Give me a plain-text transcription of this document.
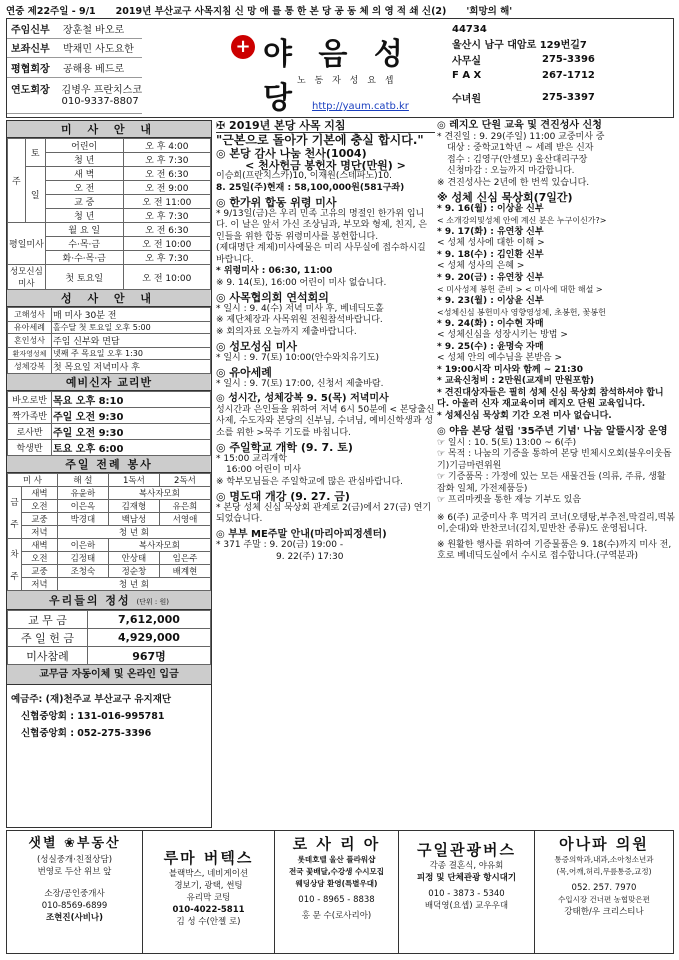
연중 제22주일 - 9/1 2019년 부산교구 사목지침 신 망 애 를 통 한 본 당 공 동 체 의 영 적 쇄 신(2) '희망의 해'
주임신부	장훈철 바오로
보좌신부	박채민 사도요한
평협회장	공해용 베드로
연도회장	김병우 프란치스코
010-9337-8807
+ 야 음 성 당
노 동 자 성 요 셉
http://yaum.catb.kr
44734
울산시 남구 대암로 129번길7
사무실	275-3396
F A X	267-1712
수녀원	275-3397
미 사 안 내
주	토	어린이	오 후 4:00
		청 년	오 후 7:30
	일	새 벽	오 전 6:30
		오 전	오 전 9:00
		교 중	오 전 11:00
		청 년	오 후 7:30
평일미사		월 요 일	오 전 6:30
		수·목·금	오 전 10:00
		화·수·목·금	오 후 7:30
성모신심미사		첫 토요일	오 전 10:00
성 사 안 내
고해성사	매 미사 30분 전
유아세례	홀수달 첫 토요일 오후 5:00
혼인성사	주임 신부와 면담
환자영성체	넷째 주 목요일 오후 1:30
성체강복	첫 목요일 저녁미사 후
예비신자 교리반
바오로반	목요 오후 8:10
짝가족반	주일 오전 9:30
로사반	주일 오전 9:30
학생반	토요 오후 6:00
주일 전례 봉사
미 사		해 설	1독서	2독서
금

주	새벽	유윤하	복사자모회	
	오전	이은옥	김재형	유은희
	교중	박경대	백남성	서영애
	저녁	청 년 회		
차

주	새벽	이은하	복사자모회	
	오전	김정태	안상태	임은주
	교중	조청숙	정순창	배계현
	저녁	청 년 회		
우리들의 정성 (단위 : 원)
교 무 금	7,612,000
주 일 헌 금	4,929,000
미사참례	967명
교무금 자동이체 및 온라인 입금
예금주: (재)천주교 부산교구 유지재단
신협중앙회 : 131-016-995781
신협중앙회 : 052-275-3396
✠ 2019년 본당 사목 지침
"근본으로 돌아가 기본에 충실 합시다."
◎ 본당 감사 나눔 천사(1004)
< 천사헌금 봉헌자 명단(만원) >
이승희(프란치스카)10, 이재원(스테파노)10.
8. 25일(주)현재 : 58,100,000원(581구좌)
◎ 한가위 합동 위령 미사
* 9/13일(금)은 우리 민족 고유의 명절인 한가위 입니다. 이 날은 앞서 가신 조상님과, 부모와 형제, 친지, 은인들을 위한 합동 위령미사를 봉헌합니다.
(제대명단 계제)미사예물은 미리 사무실에 접수하시길 바랍니다.
* 위령미사 : 06:30, 11:00
※ 9. 14(토), 16:00 어린이 미사 없습니다.
◎ 사목협의회 연석회의
* 일시 : 9. 4(수) 저녁 미사 후, 베네딕도홀
※ 제단체장과 사목위원 전원참석바랍니다.
※ 회의자료 오늘까지 제출바랍니다.
◎ 성모성심 미사
* 일시 : 9. 7(토) 10:00(안수와치유기도)
◎ 유아세례
* 일시 : 9. 7(토) 17:00, 신청서 제출바람.
◎ 성시간, 성체강복 9. 5(목) 저녁미사
성시간과 은인들을 위하여 저녁 6시 50분에 < 본당출신 사제, 수도자와 본당의 신부님, 수녀님, 예비신학생과 성소를 위한 >묵주 기도를 바칩니다.
◎ 주일학교 개학 (9. 7. 토)
* 15:00 교리개학
16:00 어린이 미사
※ 학부모님들은 주일학교에 많은 관심바랍니다.
◎ 명도대 개강 (9. 27. 금)
* 본당 성체 신심 묵상회 관계로 2(금)에서 27(금) 연기되었습니다.
◎ 부부 ME주말 안내(마리아피정센터)
* 371 주말 : 9. 20(금) 19:00 -
9. 22(주) 17:30
◎ 레지오 단원 교육 및 견진성사 신청
* 견진일 : 9. 29(주일) 11:00 교중미사 중
대상 : 중학교1학년 ~ 세례 받은 신자
접수 : 김영구(안셀모) 울산대리구장
신청마감 : 오늘까지 마감합니다.
※ 견진성사는 2년에 한 번씩 있습니다.
※ 성체 신심 묵상회(7일간)
* 9. 16(월) : 이상윤 신부
< 소개강의및성체 안에 계신 분은 누구이신가?>
* 9. 17(화) : 유연창 신부
< 성체 성사에 대한 이해 >
* 9. 18(수) : 김인환 신부
< 성체 성사의 은혜 >
* 9. 20(금) : 유연창 신부
< 미사성제 봉헌 준비 > < 미사에 대한 해설 >
* 9. 23(월) : 이상윤 신부
<성체신심 봉헌미사 영향영성체, 초봉헌, 꽃봉헌
* 9. 24(화) : 이수현 자매
< 성체신심을 성장시키는 방법 >
* 9. 25(수) : 윤명숙 자매
< 성체 안의 예수님을 본받음 >
* 19:00시작 미사와 함께 ~ 21:30
* 교육신청비 : 2만원(교재비 만원포함)
* 견진대상자들은 필히 성체 신심 묵상회 참석하셔야 합니다. 아울러 신자 재교육이며 레지오 단원 교육입니다.
* 성체신심 묵상회 기간 오전 미사 없습니다.
◎ 야음 본당 설립 '35주년 기념' 나눔 알뜰시장 운영
☞ 일시 : 10. 5(토) 13:00 ~ 6(주)
☞ 목적 : 나눔의 기증을 통하여 본당 빈체시오회(불우이웃돕기)기금마련위원
☞ 기증품목 : 가정에 있는 모든 새물건들 (의류, 주류, 생활 잡화 일체, 가전제품등)
☞ 프리마켓을 통한 재능 기부도 있음
※ 6(주) 교중미사 후 먹거리 코너(오뎅탕,부추전,막걸리,떡볶이,순대)와 반찬코너(김치,밑반찬 종류)도 운영됩니다.
※ 원활한 행사를 위하여 기증물품은 9. 18(수)까지 미사 전, 호로 베네딕도실에서 수시로 접수합니다.(구역분과)
샛별 ❀부동산
(성실중개·친절상담)
번영로 두산 위브 앞
소장/공인중개사
010-8569-6899
조현진(사비나)
루마 버텍스
블랙박스, 네비게이션
경보기, 광택, 썬팅
유리막 코팅
010-4022-5811
김 성 수(안젤 로)
로 사 리 아
롯데호텔 울산 플라워샵
전국 꽃배달,수강생 수시모집
웨딩상담 환영(특별우대)
010 - 8965 - 8838
홍 문 수(로사리아)
구일관광버스
각종 결혼식, 야유회
피정 및 단체관광 항시대기
010 - 3873 - 5340
배덕영(요셉) 교우우대
아나파 의원
통증의학과,내과,소아청소년과
(목,어깨,허리,무릎통증,교정)
052. 257. 7970
수입시장 건너편 농협맞은편
강태한/우 크리스티나
